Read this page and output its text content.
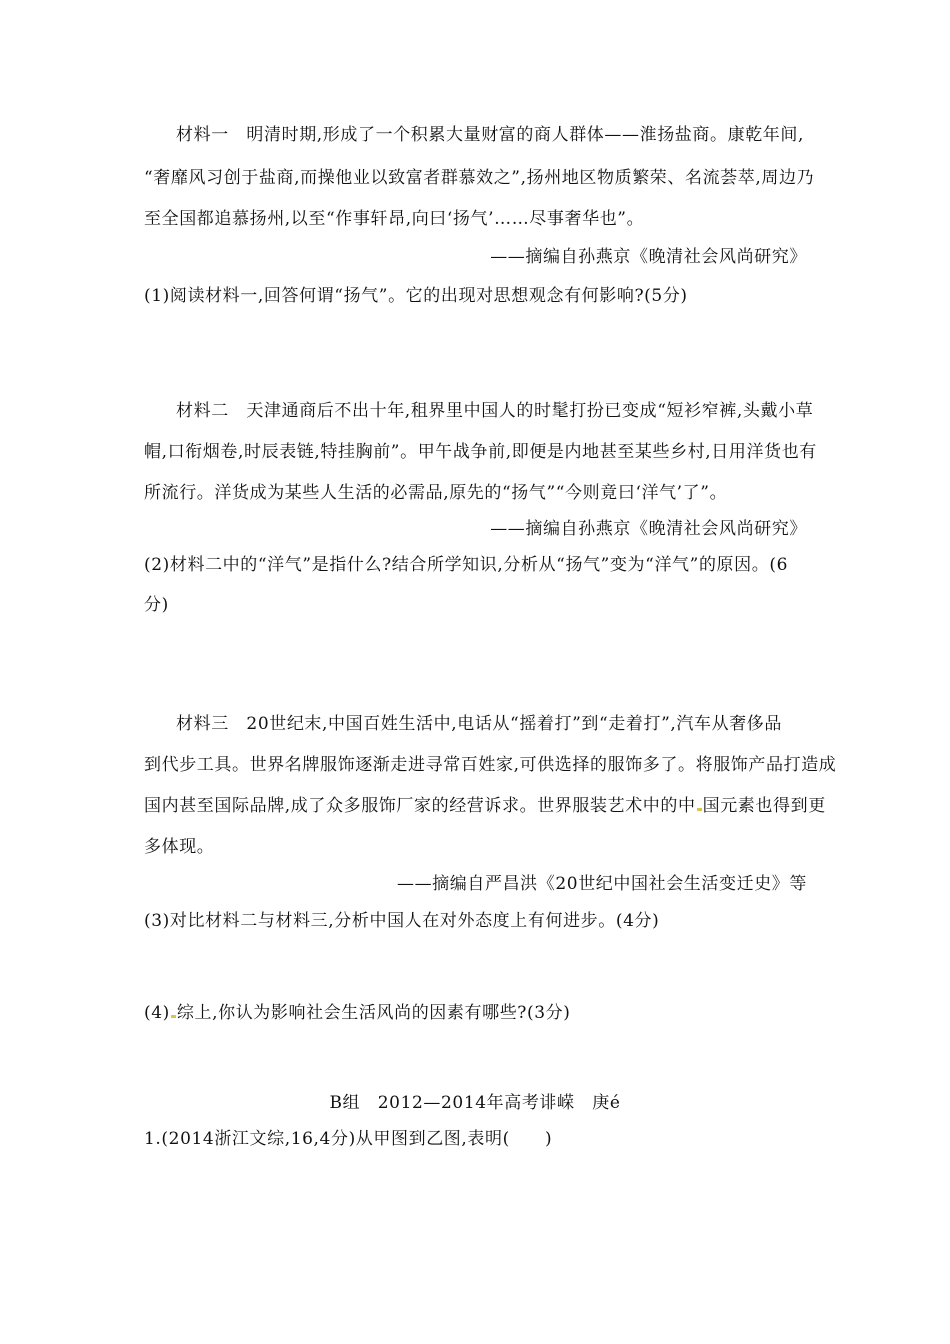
材料一　明清时期,形成了一个积累大量财富的商人群体——淮扬盐商。康乾年间,
“奢靡风习创于盐商,而操他业以致富者群慕效之”,扬州地区物质繁荣、名流荟萃,周边乃
至全国都追慕扬州,以至“作事轩昂,向曰‘扬气’……尽事奢华也”。
——摘编自孙燕京《晚清社会风尚研究》
(1)阅读材料一,回答何谓“扬气”。它的出现对思想观念有何影响?(5分)
材料二　天津通商后不出十年,租界里中国人的时髦打扮已变成“短衫窄裤,头戴小草
帽,口衔烟卷,时辰表链,特挂胸前”。甲午战争前,即便是内地甚至某些乡村,日用洋货也有
所流行。洋货成为某些人生活的必需品,原先的“扬气”“今则竟曰‘洋气’了”。
——摘编自孙燕京《晚清社会风尚研究》
(2)材料二中的“洋气”是指什么?结合所学知识,分析从“扬气”变为“洋气”的原因。(6
分)
材料三　20世纪末,中国百姓生活中,电话从“摇着打”到“走着打”,汽车从奢侈品
到代步工具。世界名牌服饰逐渐走进寻常百姓家,可供选择的服饰多了。将服饰产品打造成
国内甚至国际品牌,成了众多服饰厂家的经营诉求。世界服装艺术中的中 国元素也得到更
多体现。
——摘编自严昌洪《20世纪中国社会生活变迁史》等
(3)对比材料二与材料三,分析中国人在对外态度上有何进步。(4分)
(4) 综上,你认为影响社会生活风尚的因素有哪些?(3分)
B组　2012—2014年高考诽嵘　庚é
1.(2014浙江文综,16,4分)从甲图到乙图,表明(　　)
